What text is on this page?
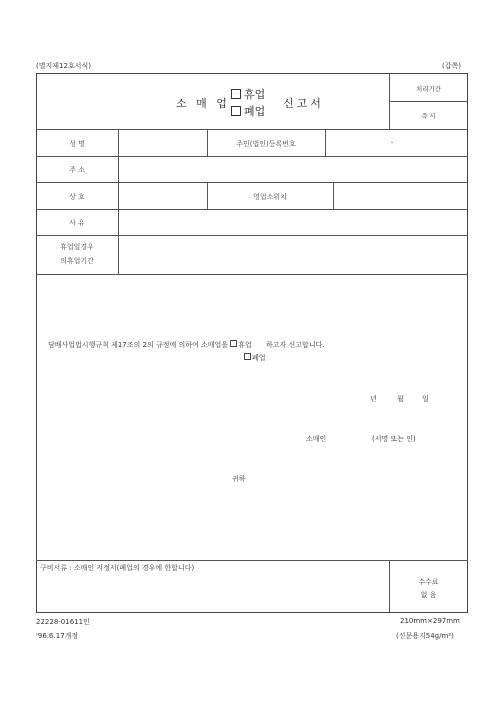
(별지제12호서식)	(갑쪽)
소 매 업
휴업
폐업
신고서
처리기간
즉 시
성 명	주민(법인)등록번호	-
주 소
상 호	영업소위치
사 유
휴업일경우
의휴업기간
담배사업법시행규칙 제17조의 2의 규정에 의하여 소매업을 휴업 하고자 신고합니다.
폐업
년	월	일
소매인	(서명 또는 인)
귀하
구비서류 : 소매인 지정서(폐업의 경우에 한합니다)
수수료
없 음
22228-01611민
'96.6.17개정
210mm×297mm
(신문용지54g/m²)
